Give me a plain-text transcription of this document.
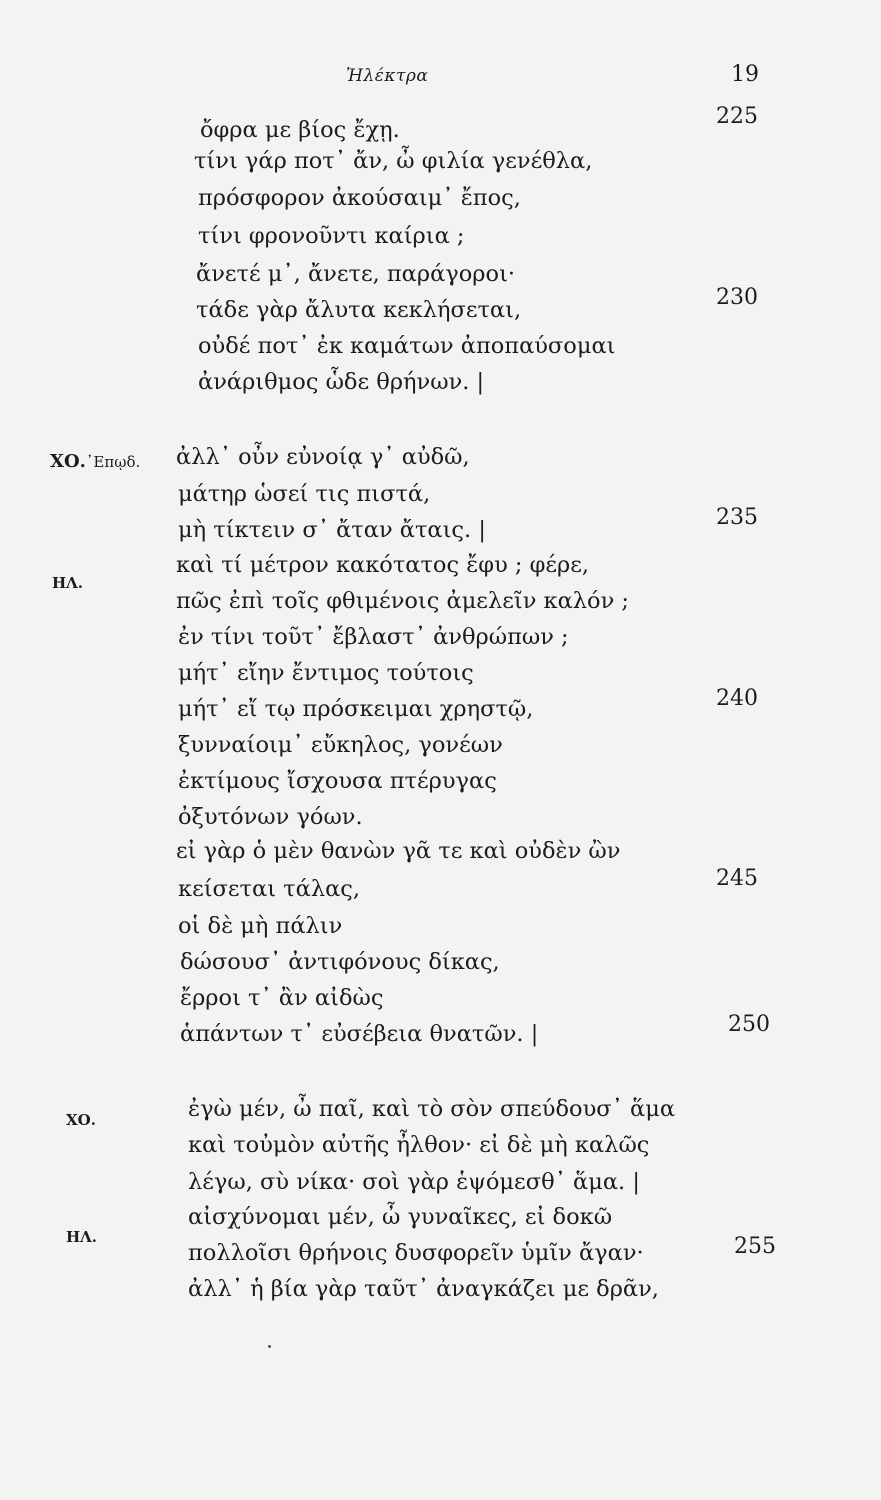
Ἠλέκτρα	19
ΧΟ.᾽Επῳδ.
ΗΛ.
ΧΟ.
ΗΛ.
ὄφρα με βίος ἔχῃ.
τίνι γάρ ποτ᾽ ἄν, ὦ φιλία γενέθλα,
πρόσφορον ἀκούσαιμ᾽ ἔπος,
τίνι φρονοῦντι καίρια ;
ἄνετέ μ᾽, ἄνετε, παράγοροι·
τάδε γὰρ ἄλυτα κεκλήσεται,
οὐδέ ποτ᾽ ἐκ καμάτων ἀποπαύσομαι
ἀνάριθμος ὧδε θρήνων. |
ἀλλ᾽ οὖν εὐνοίᾳ γ᾽ αὐδῶ,
μάτηρ ὡσεί τις πιστά,
μὴ τίκτειν σ᾽ ἄταν ἄταις. |
καὶ τί μέτρον κακότατος ἔφυ ; φέρε,
πῶς ἐπὶ τοῖς φθιμένοις ἀμελεῖν καλόν ;
ἐν τίνι τοῦτ᾽ ἔβλαστ᾽ ἀνθρώπων ;
μήτ᾽ εἴην ἔντιμος τούτοις
μήτ᾽ εἴ τῳ πρόσκειμαι χρηστῷ,
ξυνναίοιμ᾽ εὔκηλος, γονέων
ἐκτίμους ἴσχουσα πτέρυγας
ὀξυτόνων γόων.
εἰ γὰρ ὁ μὲν θανὼν γᾶ τε καὶ οὐδὲν ὢν
κείσεται τάλας,
οἱ δὲ μὴ πάλιν
δώσουσ᾽ ἀντιφόνους δίκας,
ἔρροι τ᾽ ἂν αἰδὼς
ἁπάντων τ᾽ εὐσέβεια θνατῶν. |
ἐγὼ μέν, ὦ παῖ, καὶ τὸ σὸν σπεύδουσ᾽ ἅμα
καὶ τοὐμὸν αὐτῆς ἦλθον· εἰ δὲ μὴ καλῶς
λέγω, σὺ νίκα· σοὶ γὰρ ἑψόμεσθ᾽ ἅμα. |
αἰσχύνομαι μέν, ὦ γυναῖκες, εἰ δοκῶ
πολλοῖσι θρήνοις δυσφορεῖν ὑμῖν ἄγαν·
ἀλλ᾽ ἡ βία γὰρ ταῦτ᾽ ἀναγκάζει με δρᾶν,
225
230
235
240
245
250
255
